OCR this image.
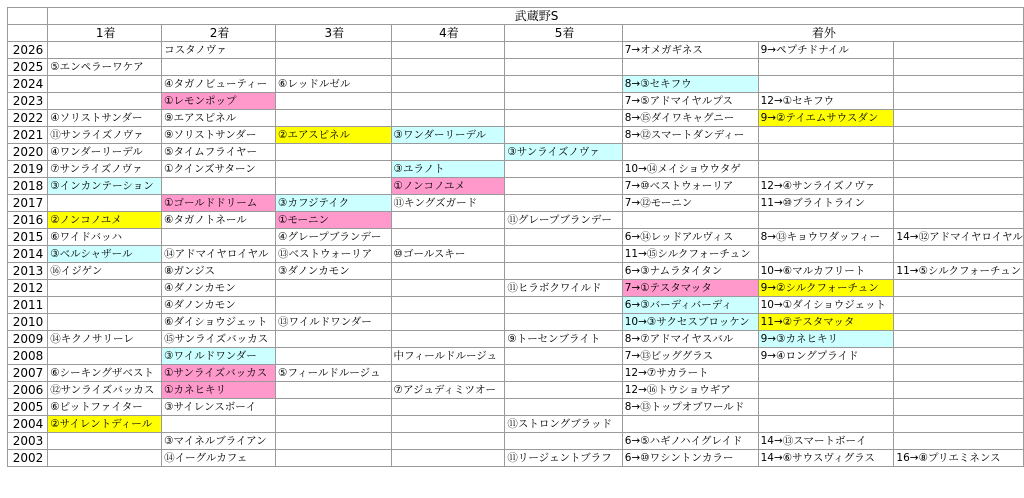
	武蔵野S							
	1着	2着	3着	4着	5着	着外		
2026		コスタノヴァ				7→オメガギネス	9→ペプチドナイル	
2025	⑤エンペラーワケア							
2024		④タガノビューティー	⑥レッドルゼル			8→③セキフウ		
2023		①レモンポップ				7→⑤アドマイヤルプス	12→①セキフウ	
2022	④ソリストサンダー	⑨エアスピネル				8→⑮ダイワキャグニー	9→②テイエムサウスダン	
2021	⑪サンライズノヴァ	⑨ソリストサンダー	②エアスピネル	③ワンダーリーデル		8→⑫スマートダンディー		
2020	④ワンダーリーデル	⑤タイムフライヤー			③サンライズノヴァ			
2019	⑦サンライズノヴァ	①クインズサターン		③ユラノト		10→⑭メイショウウタゲ		
2018	③インカンテーション			①ノンコノユメ		7→⑩ベストウォーリア	12→④サンライズノヴァ	
2017		①ゴールドドリーム	③カフジテイク	⑪キングズガード		7→⑫モーニン	11→⑩ブライトライン	
2016	②ノンコノユメ	⑥タガノトネール	①モーニン		⑪グレープブランデー			
2015	⑥ワイドバッハ		④グレープブランデー			6→⑭レッドアルヴィス	8→⑬キョウワダッフィー	14→⑫アドマイヤロイヤル
2014	③ベルシャザール	⑭アドマイヤロイヤル	⑬ベストウォーリア	⑩ゴールスキー		11→⑮シルクフォーチュン		
2013	⑯イジゲン	⑧ガンジス	③ダノンカモン			6→③ナムラタイタン	10→⑥マルカフリート	11→⑤シルクフォーチュン
2012		④ダノンカモン			⑪ヒラボクワイルド	7→①テスタマッタ	9→②シルクフォーチュン	
2011		④ダノンカモン				6→③バーディバーディ	10→①ダイショウジェット	
2010		⑥ダイショウジェット	⑬ワイルドワンダー			10→③サクセスブロッケン	11→②テスタマッタ	
2009	⑭キクノサリーレ	⑮サンライズバッカス			⑨トーセンブライト	8→⑦アドマイヤスバル	9→③カネヒキリ	
2008		③ワイルドワンダー		中フィールドルージュ		7→⑬ビッググラス	9→④ロングプライド	
2007	⑥シーキングザベスト	①サンライズバッカス	⑤フィールドルージュ			12→⑦サカラート		
2006	⑫サンライズバッカス	①カネヒキリ		⑦アジュディミツオー		12→⑯トウショウギア		
2005	⑥ピットファイター	③サイレンスボーイ				8→⑬トップオブワールド		
2004	②サイレントディール				⑪ストロングブラッド			
2003		③マイネルブライアン				6→⑤ハギノハイグレイド	14→⑬スマートボーイ	
2002		⑭イーグルカフェ			⑪リージェントブラフ	6→⑩ワシントンカラー	14→⑥サウスヴィグラス	16→⑧プリエミネンス
